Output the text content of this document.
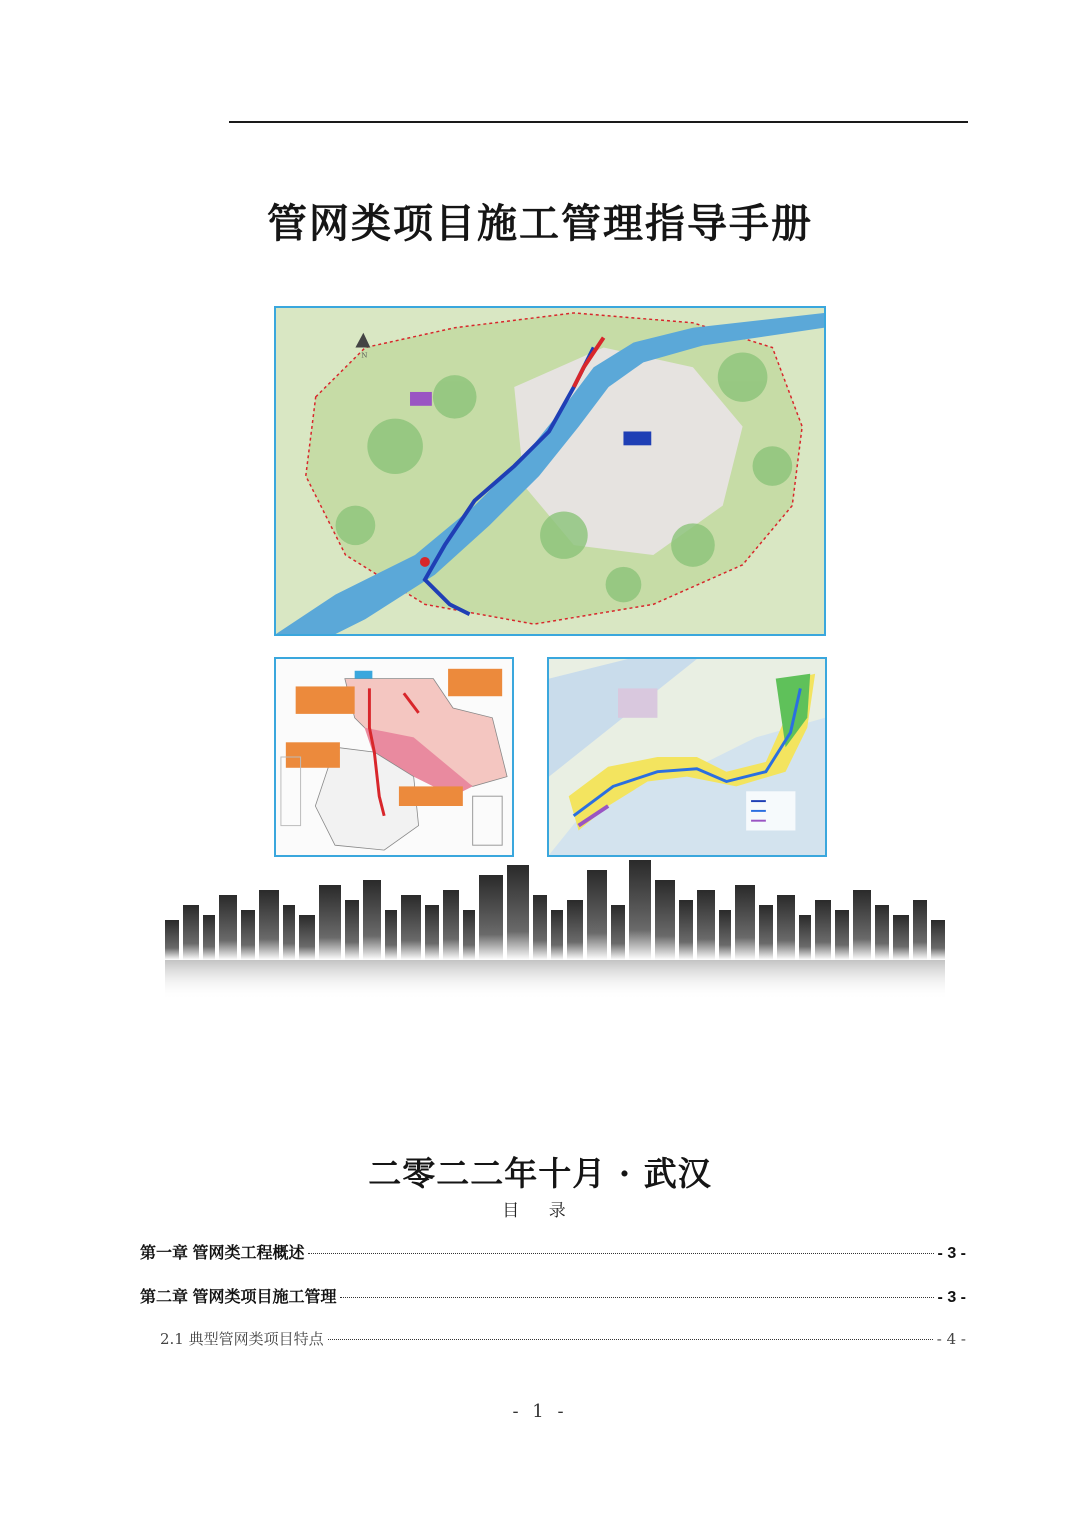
管网类项目施工管理指导手册
N
二零二二年十月 · 武汉
目 录
第一章 管网类工程概述	- 3 -
第二章 管网类项目施工管理	- 3 -
2.1 典型管网类项目特点	- 4 -
- 1 -
